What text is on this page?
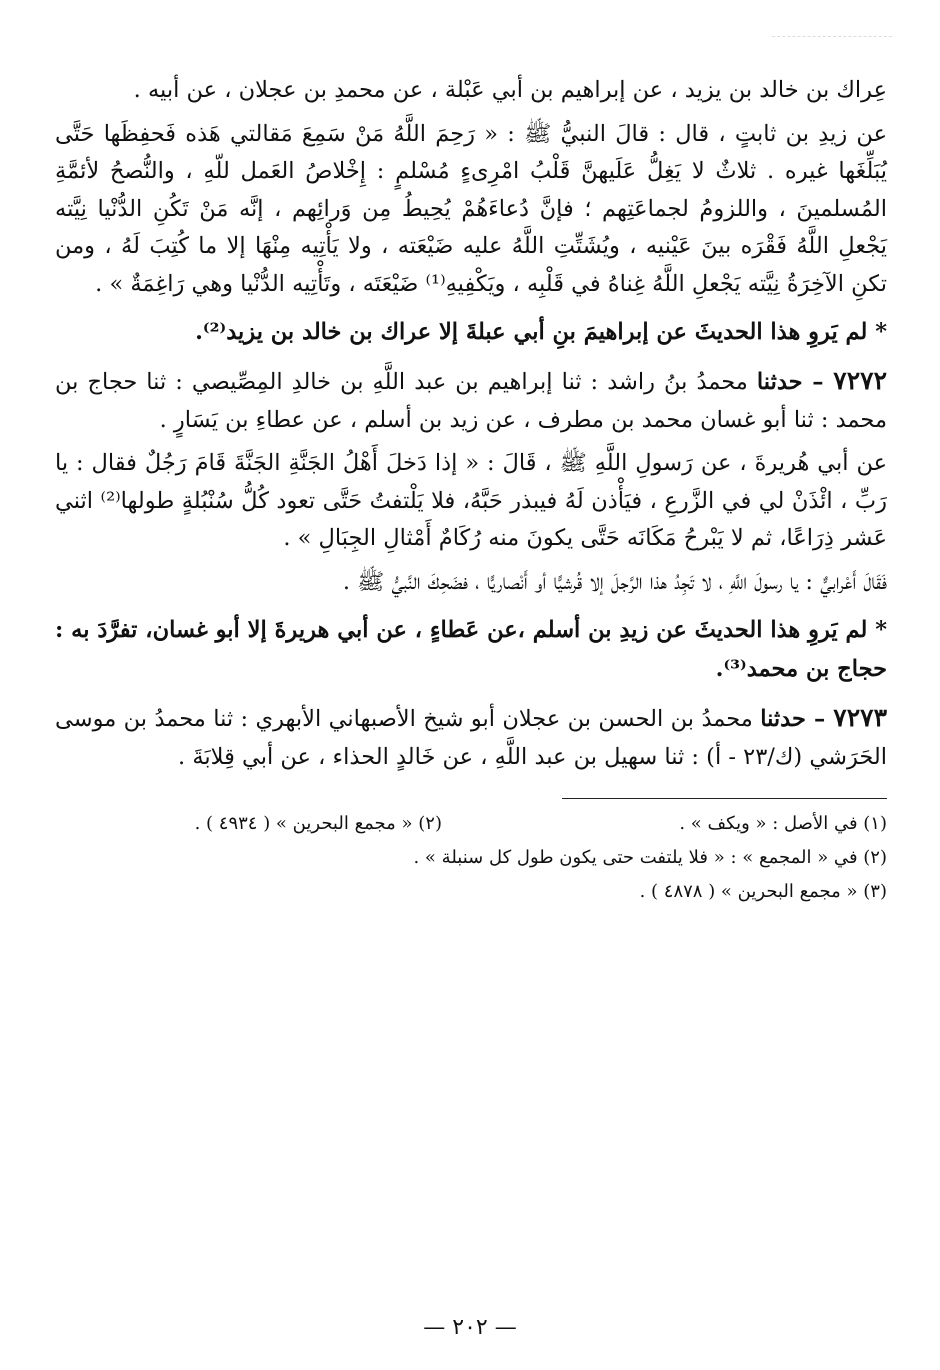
عِراك بن خالد بن يزيد ، عن إبراهيم بن أبي عَبْلة ، عن محمدِ بن عجلان ، عن أبيه .

عن زيدِ بن ثابتٍ ، قال : قالَ النبيُّ ﷺ : « رَحِمَ اللَّهُ مَنْ سَمِعَ مَقالتي هَذه فَحفِظَها حَتَّى يُبَلِّغَها غيره . ثلاثٌ لا يَغِلُّ عَلَيهنَّ قَلْبُ امْرِىءٍ مُسْلمٍ : إِخْلاصُ العَمل للّهِ ، والنُّصحُ لأئمَّةِ المُسلمينَ ، واللزومُ لجماعَتِهم ؛ فإنَّ دُعاءَهُمْ يُحِيطُ مِن وَرائِهم ، إنَّه مَنْ تَكُنِ الدُّنْيا نِيَّته يَجْعلِ اللَّهُ فَقْرَه بينَ عَيْنيه ، ويُشَتِّتِ اللَّهُ عليه ضَيْعَته ، ولا يَأْتِيه مِنْهَا إلا ما كُتِبَ لَهُ ، ومن تكنِ الآخِرَةُ نِيَّته يَجْعلِ اللَّهُ غِناهُ في قَلْبِه ، ويَكْفِيهِ⁽¹⁾ ضَيْعَتَه ، وتَأْتِيه الدُّنْيا وهي رَاغِمَةٌ » .

* لم يَروِ هذا الحديثَ عن إبراهيمَ بنِ أبي عبلةَ إلا عراك بن خالد بن يزيد⁽²⁾.

٧٢٧٢ – حدثنا محمدُ بنُ راشد : ثنا إبراهيم بن عبد اللَّهِ بن خالدِ المِصِّيصي : ثنا حجاج بن محمد : ثنا أبو غسان محمد بن مطرف ، عن زيد بن أسلم ، عن عطاءِ بن يَسَارٍ .

عن أبي هُريرةَ ، عن رَسولِ اللَّهِ ﷺ ، قَالَ : « إذا دَخلَ أَهْلُ الجَنَّةِ الجَنَّةَ قَامَ رَجُلٌ فقال : يا رَبِّ ، ائْذَنْ لي في الزَّرعِ ، فيَأْذن لَهُ فيبذر حَبَّهُ، فلا يَلْتفتُ حَتَّى تعود كُلُّ سُنْبُلةٍ طولها⁽²⁾ اثني عَشر ذِرَاعًا، ثم لا يَبْرحُ مَكَانَه حَتَّى يكونَ منه رُكَامٌ أَمْثالِ الجِبَالِ » .

فَقَالَ أَعْرابيٌّ : يا رسولَ اللَّهِ ، لا تَجِدُ هذا الرَّجلَ إلا قُرشيًّا أو أَنْصاريًّا ، فضَحِكَ النَّبيُّ ﷺ .

* لم يَروِ هذا الحديثَ عن زيدِ بن أسلم ،عن عَطاءٍ ، عن أبي هريرةَ إلا أبو غسان، تفرَّدَ به : حجاج بن محمد⁽³⁾.

٧٢٧٣ – حدثنا محمدُ بن الحسن بن عجلان أبو شيخ الأصبهاني الأبهري : ثنا محمدُ بن موسى الحَرَشي (ك/٢٣ - أ) : ثنا سهيل بن عبد اللَّهِ ، عن خَالدٍ الحذاء ، عن أبي قِلابَةَ .

(١) في الأصل : « ويكف » .
(٢) « مجمع البحرين » ( ٤٩٣٤ ) .
(٢) في « المجمع » : « فلا يلتفت حتى يكون طول كل سنبلة » .
(٣) « مجمع البحرين » ( ٤٨٧٨ ) .
— ٢٠٢ —
